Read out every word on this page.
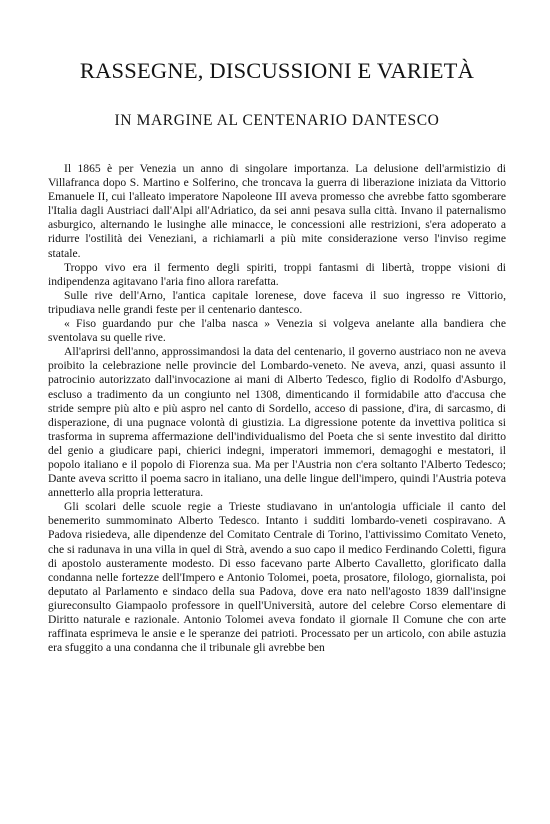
RASSEGNE, DISCUSSIONI E VARIETÀ
IN MARGINE AL CENTENARIO DANTESCO

Il 1865 è per Venezia un anno di singolare importanza. La delusione dell'armistizio di Villafranca dopo S. Martino e Solferino, che troncava la guerra di liberazione iniziata da Vittorio Emanuele II, cui l'alleato imperatore Napoleone III aveva promesso che avrebbe fatto sgomberare l'Italia dagli Austriaci dall'Alpi all'Adriatico, da sei anni pesava sulla città. Invano il paternalismo asburgico, alternando le lusinghe alle minacce, le concessioni alle restrizioni, s'era adoperato a ridurre l'ostilità dei Veneziani, a richiamarli a più mite considerazione verso l'inviso regime statale.

Troppo vivo era il fermento degli spiriti, troppi fantasmi di libertà, troppe visioni di indipendenza agitavano l'aria fino allora rarefatta.

Sulle rive dell'Arno, l'antica capitale lorenese, dove faceva il suo ingresso re Vittorio, tripudiava nelle grandi feste per il centenario dantesco.

« Fiso guardando pur che l'alba nasca » Venezia si volgeva anelante alla bandiera che sventolava su quelle rive.

All'aprirsi dell'anno, approssimandosi la data del centenario, il governo austriaco non ne aveva proibito la celebrazione nelle provincie del Lombardo-veneto. Ne aveva, anzi, quasi assunto il patrocinio autorizzato dall'invocazione ai mani di Alberto Tedesco, figlio di Rodolfo d'Asburgo, escluso a tradimento da un congiunto nel 1308, dimenticando il formidabile atto d'accusa che stride sempre più alto e più aspro nel canto di Sordello, acceso di passione, d'ira, di sarcasmo, di disperazione, di una pugnace volontà di giustizia. La digressione potente da invettiva politica si trasforma in suprema affermazione dell'individualismo del Poeta che si sente investito dal diritto del genio a giudicare papi, chierici indegni, imperatori immemori, demagoghi e mestatori, il popolo italiano e il popolo di Fiorenza sua. Ma per l'Austria non c'era soltanto l'Alberto Tedesco; Dante aveva scritto il poema sacro in italiano, una delle lingue dell'impero, quindi l'Austria poteva annetterlo alla propria letteratura.

Gli scolari delle scuole regie a Trieste studiavano in un'antologia ufficiale il canto del benemerito summominato Alberto Tedesco. Intanto i sudditi lombardo-veneti cospiravano. A Padova risiedeva, alle dipendenze del Comitato Centrale di Torino, l'attivissimo Comitato Veneto, che si radunava in una villa in quel di Strà, avendo a suo capo il medico Ferdinando Coletti, figura di apostolo austeramente modesto. Di esso facevano parte Alberto Cavalletto, glorificato dalla condanna nelle fortezze dell'Impero e Antonio Tolomei, poeta, prosatore, filologo, giornalista, poi deputato al Parlamento e sindaco della sua Padova, dove era nato nell'agosto 1839 dall'insigne giureconsulto Giampaolo professore in quell'Università, autore del celebre Corso elementare di Diritto naturale e razionale. Antonio Tolomei aveva fondato il giornale Il Comune che con arte raffinata esprimeva le ansie e le speranze dei patrioti. Processato per un articolo, con abile astuzia era sfuggito a una condanna che il tribunale gli avrebbe ben
